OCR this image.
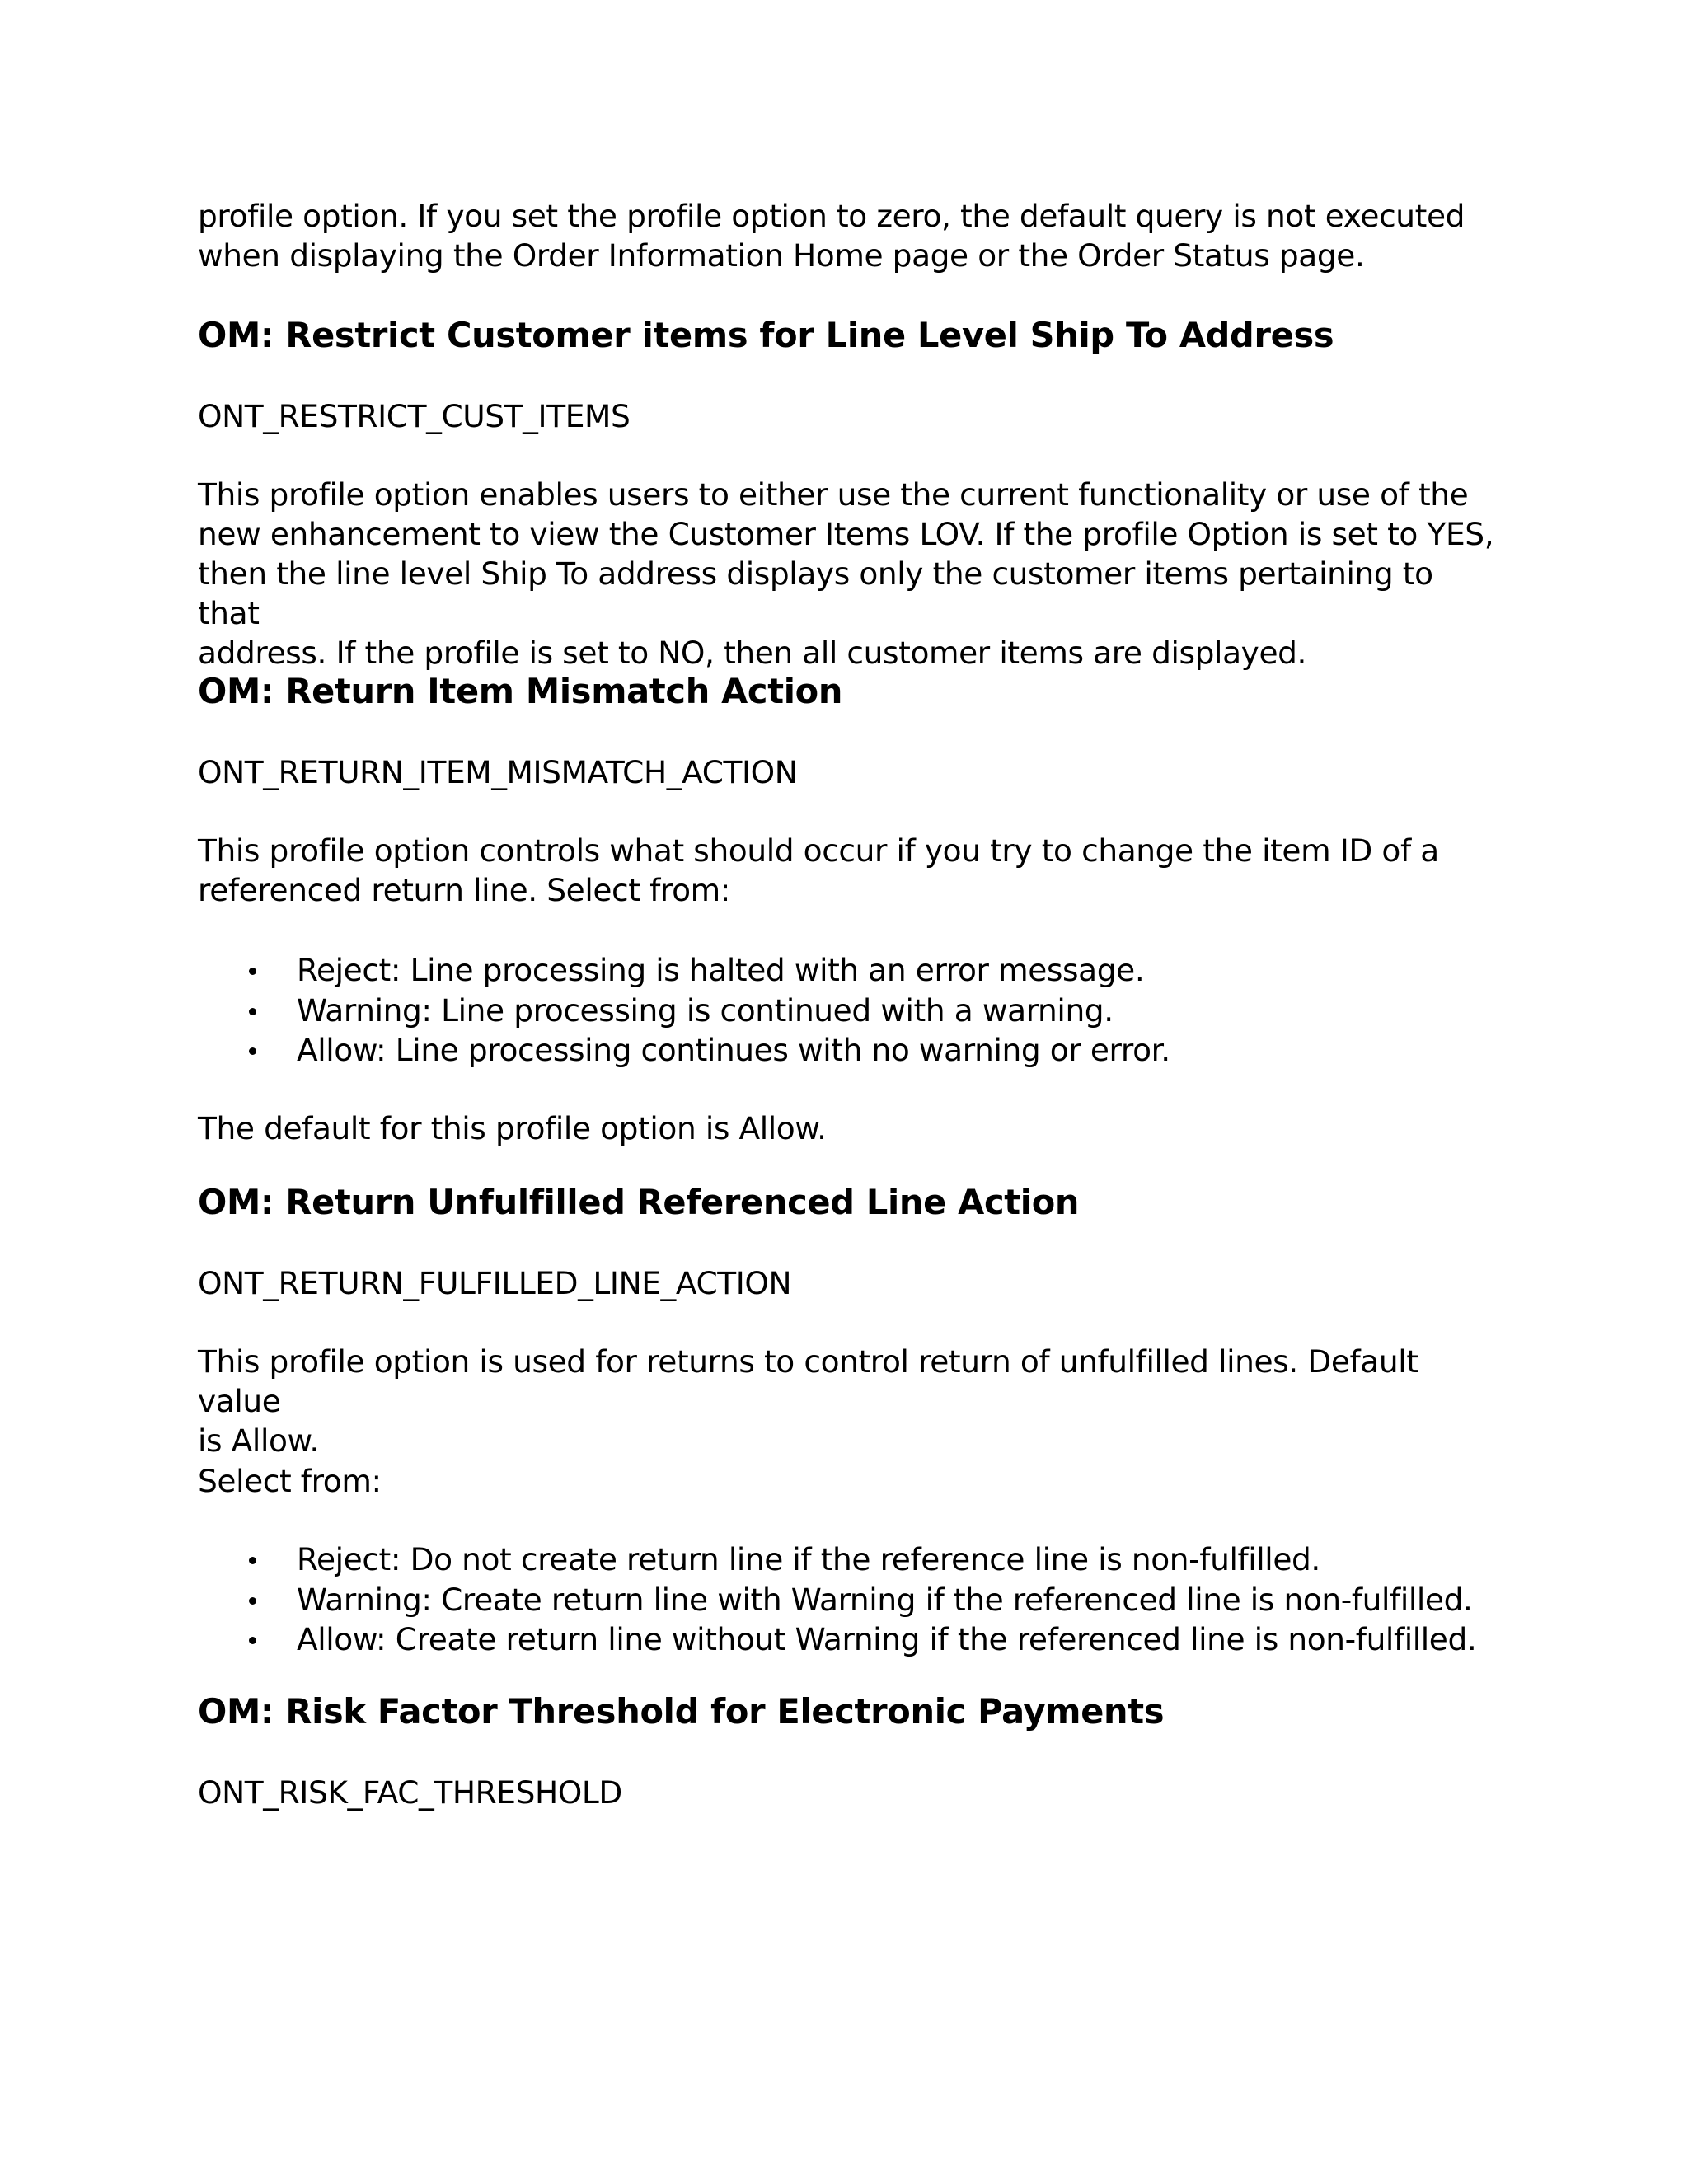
profile option. If you set the profile option to zero, the default query is not executed
when displaying the Order Information Home page or the Order Status page.
OM: Restrict Customer items for Line Level Ship To Address
ONT_RESTRICT_CUST_ITEMS
This profile option enables users to either use the current functionality or use of the
new enhancement to view the Customer Items LOV. If the profile Option is set to YES,
then the line level Ship To address displays only the customer items pertaining to that
address. If the profile is set to NO, then all customer items are displayed.
OM: Return Item Mismatch Action
ONT_RETURN_ITEM_MISMATCH_ACTION
This profile option controls what should occur if you try to change the item ID of a
referenced return line. Select from:
Reject: Line processing is halted with an error message.
Warning: Line processing is continued with a warning.
Allow: Line processing continues with no warning or error.
The default for this profile option is Allow.
OM: Return Unfulfilled Referenced Line Action
ONT_RETURN_FULFILLED_LINE_ACTION
This profile option is used for returns to control return of unfulfilled lines. Default value
is Allow.
Select from:
Reject: Do not create return line if the reference line is non-fulfilled.
Warning: Create return line with Warning if the referenced line is non-fulfilled.
Allow: Create return line without Warning if the referenced line is non-fulfilled.
OM: Risk Factor Threshold for Electronic Payments
ONT_RISK_FAC_THRESHOLD
